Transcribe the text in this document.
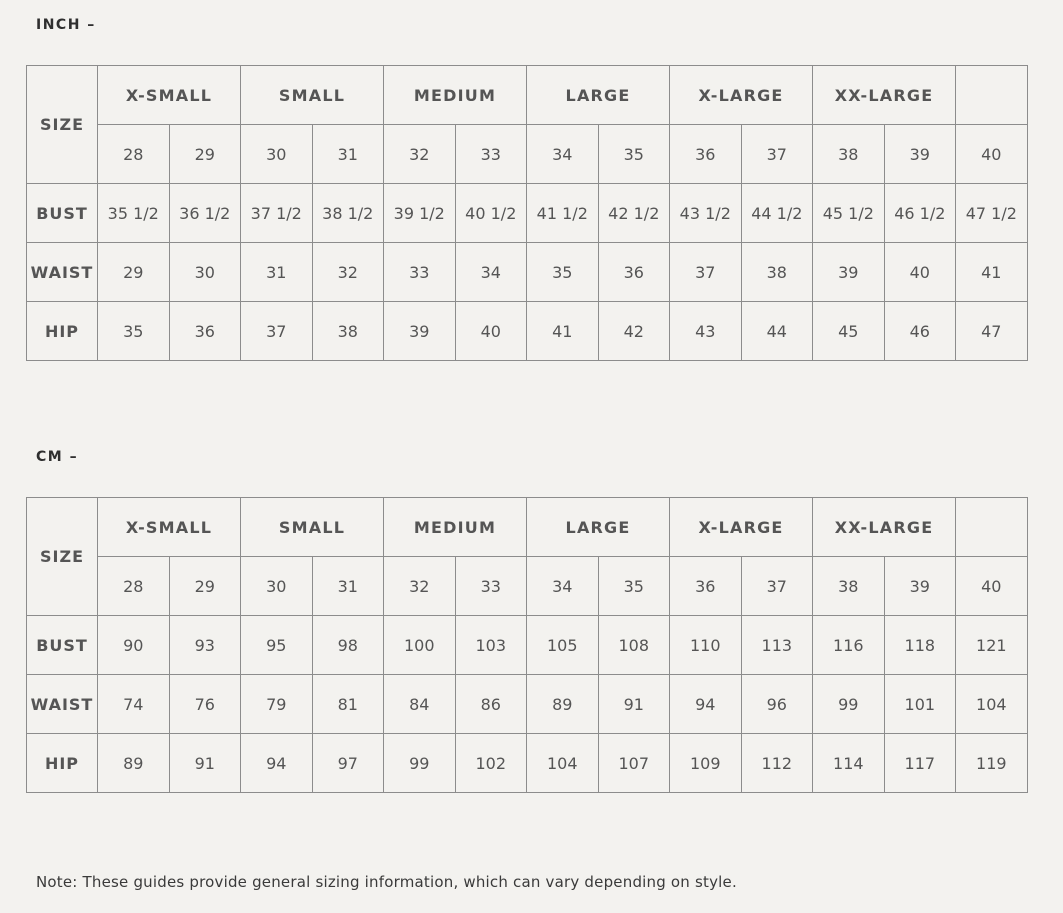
INCH –
SIZE	X-SMALL		SMALL		MEDIUM		LARGE		X-LARGE		XX-LARGE		
	28	29	30	31	32	33	34	35	36	37	38	39	40
BUST	35 1/2	36 1/2	37 1/2	38 1/2	39 1/2	40 1/2	41 1/2	42 1/2	43 1/2	44 1/2	45 1/2	46 1/2	47 1/2
WAIST	29	30	31	32	33	34	35	36	37	38	39	40	41
HIP	35	36	37	38	39	40	41	42	43	44	45	46	47
CM –
SIZE	X-SMALL		SMALL		MEDIUM		LARGE		X-LARGE		XX-LARGE		
	28	29	30	31	32	33	34	35	36	37	38	39	40
BUST	90	93	95	98	100	103	105	108	110	113	116	118	121
WAIST	74	76	79	81	84	86	89	91	94	96	99	101	104
HIP	89	91	94	97	99	102	104	107	109	112	114	117	119
Note: These guides provide general sizing information, which can vary depending on style.
